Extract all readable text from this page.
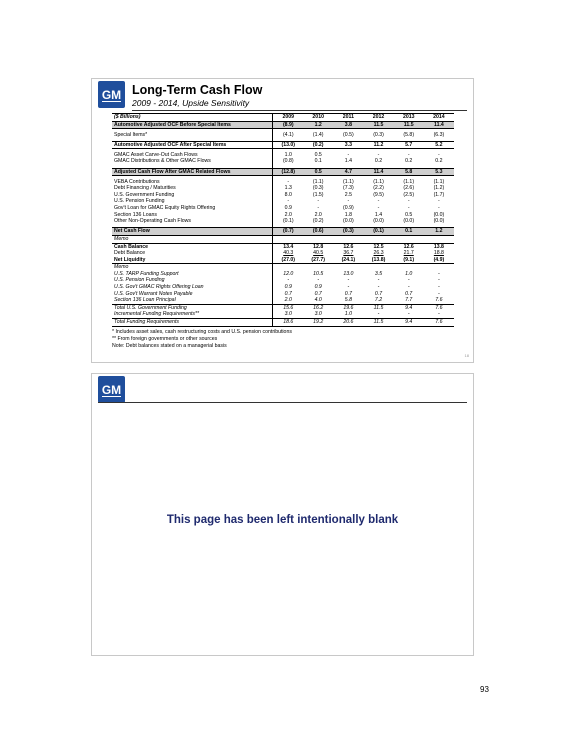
GM Long-Term Cash Flow
2009 - 2014, Upside Sensitivity
($ Billions)	2009	2010	2011	2012	2013	2014
Automotive Adjusted OCF Before Special Items	(8.9)	1.2	3.8	11.5	11.5	11.4

Special Items*	(4.1)	(1.4)	(0.5)	(0.3)	(5.8)	(6.3)

Automotive Adjusted OCF After Special Items	(13.0)	(0.2)	3.3	11.2	5.7	5.2

GMAC Asset Carve-Out Cash Flows	1.0	0.5	-	-	-	-
GMAC Distributions & Other GMAC Flows	(0.8)	0.1	1.4	0.2	0.2	0.2

Adjusted Cash Flow After GMAC Related Flows	(12.8)	0.5	4.7	11.4	5.8	5.3

VEBA Contributions	-	(1.1)	(1.1)	(1.1)	(1.1)	(1.1)
Debt Financing / Maturities	1.3	(0.3)	(7.3)	(2.2)	(2.6)	(1.2)
U.S. Government Funding	8.0	(1.5)	2.5	(9.5)	(2.5)	(1.7)
U.S. Pension Funding	-	-	-	-	-	-
Gov't Loan for GMAC Equity Rights Offering	0.9	-	(0.9)	-	-	-
Section 136 Loans	2.0	2.0	1.8	1.4	0.5	(0.0)
Other Non-Operating Cash Flows	(0.1)	(0.2)	(0.0)	(0.0)	(0.0)	(0.0)

Net Cash Flow	(0.7)	(0.6)	(0.3)	(0.1)	0.1	1.2
Memo						
Cash Balance	13.4	12.8	12.6	12.5	12.6	13.8
Debt Balance	40.3	40.5	36.7	26.3	21.7	18.8
Net Liquidity	(27.0)	(27.7)	(24.1)	(13.8)	(9.1)	(4.9)
Memo						
U.S. TARP Funding Support	12.0	10.5	13.0	3.5	1.0	-
U.S. Pension Funding	-	-	-	-	-	-
U.S. Gov't GMAC Rights Offering Loan	0.9	0.9	-	-	-	-
U.S. Gov't Warrant Notes Payable	0.7	0.7	0.7	0.7	0.7	-
Section 136 Loan Principal	2.0	4.0	5.8	7.2	7.7	7.6
Total U.S. Government Funding	15.6	16.2	19.6	11.5	9.4	7.6
Incremental Funding Requirements**	3.0	3.0	1.0	-	-	-
Total Funding Requirements	18.6	19.2	20.6	11.5	9.4	7.6
* Includes asset sales, cash restructuring costs and U.S. pension contributions
** From foreign governments or other sources
Note: Debt balances stated on a managerial basis
18
GM
This page has been left intentionally blank
93
